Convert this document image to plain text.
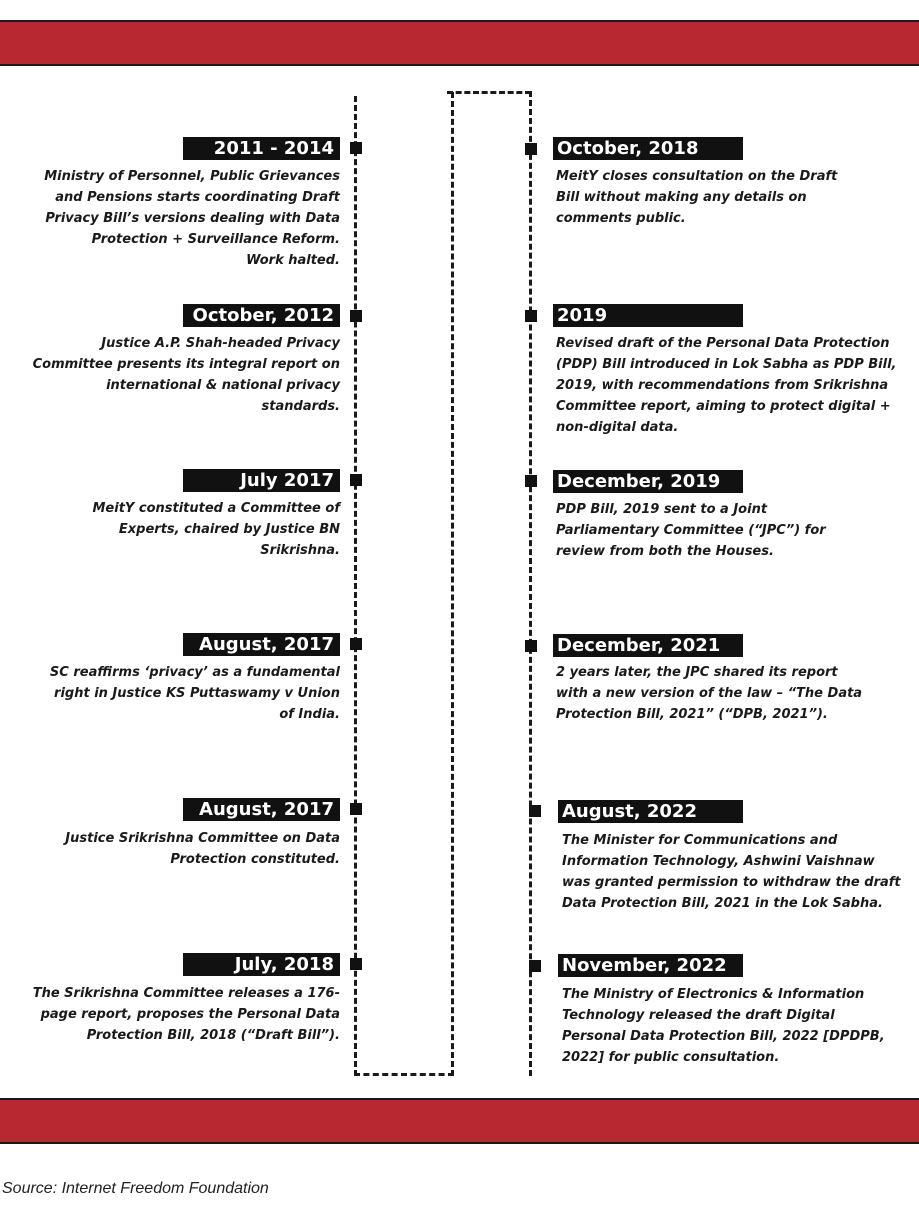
2011 - 2014
Ministry of Personnel, Public Grievances
and Pensions starts coordinating Draft
Privacy Bill’s versions dealing with Data
Protection + Surveillance Reform.
Work halted.
October, 2012
Justice A.P. Shah-headed Privacy
Committee presents its integral report on
international & national privacy
standards.
July 2017
MeitY constituted a Committee of
Experts, chaired by Justice BN
Srikrishna.
August, 2017
SC reaffirms ‘privacy’ as a fundamental
right in Justice KS Puttaswamy v Union
of India.
August, 2017
Justice Srikrishna Committee on Data
Protection constituted.
July, 2018
The Srikrishna Committee releases a 176-
page report, proposes the Personal Data
Protection Bill, 2018 (“Draft Bill”).
October, 2018
MeitY closes consultation on the Draft
Bill without making any details on
comments public.
2019
Revised draft of the Personal Data Protection
(PDP) Bill introduced in Lok Sabha as PDP Bill,
2019, with recommendations from Srikrishna
Committee report, aiming to protect digital +
non-digital data.
December, 2019
PDP Bill, 2019 sent to a Joint
Parliamentary Committee (“JPC”) for
review from both the Houses.
December, 2021
2 years later, the JPC shared its report
with a new version of the law – “The Data
Protection Bill, 2021” (“DPB, 2021”).
August, 2022
The Minister for Communications and
Information Technology, Ashwini Vaishnaw
was granted permission to withdraw the draft
Data Protection Bill, 2021 in the Lok Sabha.
November, 2022
The Ministry of Electronics & Information
Technology released the draft Digital
Personal Data Protection Bill, 2022 [DPDPB,
2022] for public consultation.
Source: Internet Freedom Foundation
